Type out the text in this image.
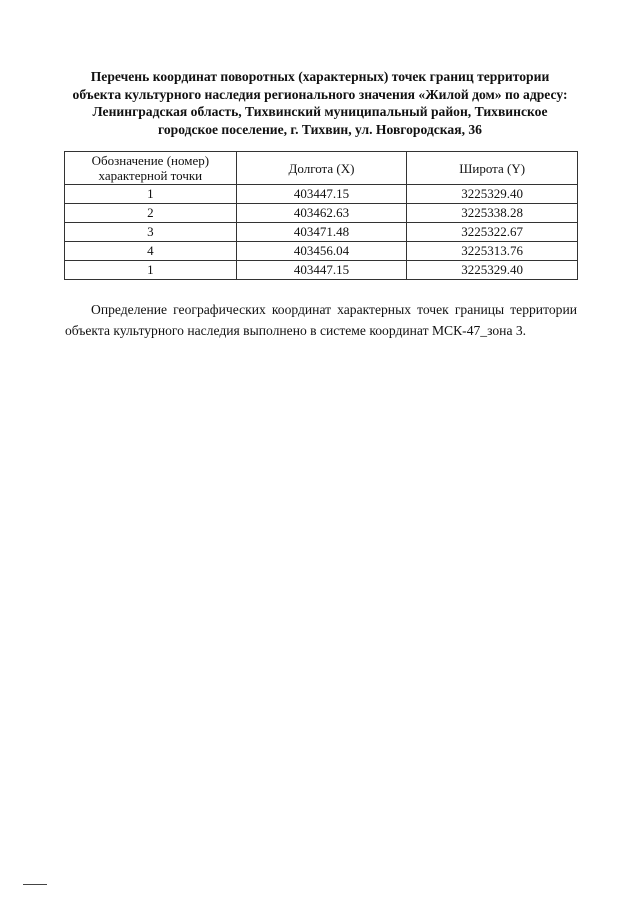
Перечень координат поворотных (характерных) точек границ территории
объекта культурного наследия регионального значения «Жилой дом» по адресу:
Ленинградская область, Тихвинский муниципальный район, Тихвинское
городское поселение, г. Тихвин, ул. Новгородская, 36
Обозначение (номер)
характерной точки	Долгота (X)	Широта (Y)
1	403447.15	3225329.40
2	403462.63	3225338.28
3	403471.48	3225322.67
4	403456.04	3225313.76
1	403447.15	3225329.40
Определение географических координат характерных точек границы территории объекта культурного наследия выполнено в системе координат МСК-47_зона 3.
